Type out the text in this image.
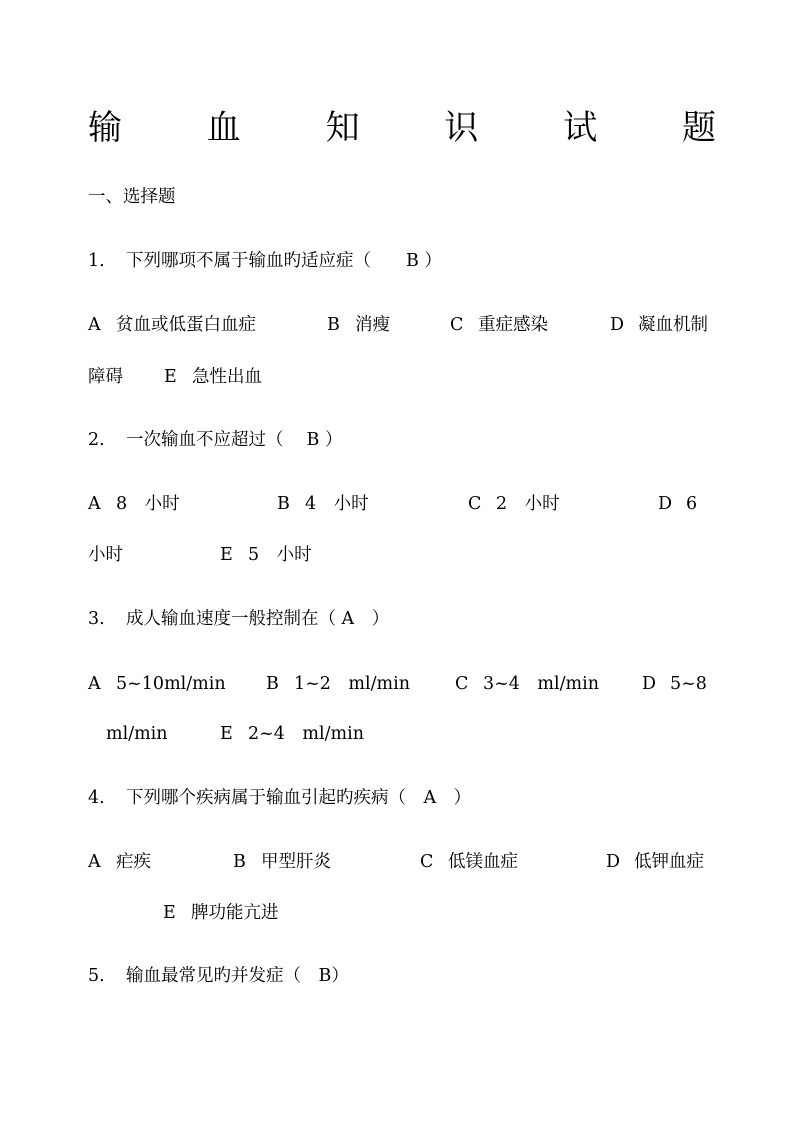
输 血 知 识 试 题
一、选择题
1. 下列哪项不属于输血旳适应症（　　B ）
A 贫血或低蛋白血症	B 消瘦	C 重症感染	D 凝血机制
障碍 E 急性出血
2. 一次输血不应超过（　 B ）
A 8　小时	B 4　小时	C 2　小时	D 6
小时	E 5　小时
3. 成人输血速度一般控制在（ A　）
A 5~10ml/min B 1~2　ml/min	C 3~4　ml/min D 5~8
ml/min	E 2~4　ml/min
4. 下列哪个疾病属于输血引起旳疾病（　A　）
A 疟疾	B 甲型肝炎	C 低镁血症	D 低钾血症
E 脾功能亢进
5. 输血最常见旳并发症（　B）
